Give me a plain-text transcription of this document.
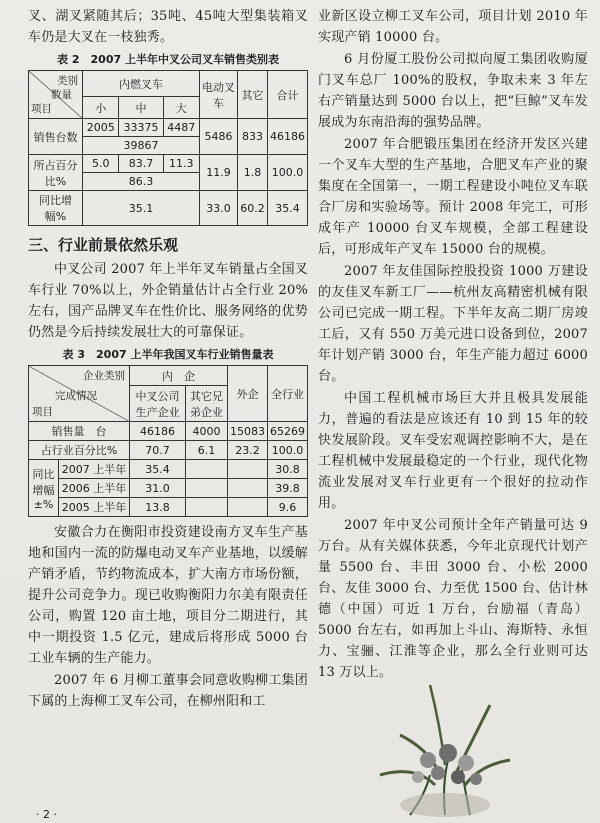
叉、湖叉紧随其后；35吨、45吨大型集装箱叉车仍是大叉在一枝独秀。

表 2　2007 上半年中叉公司叉车销售类别表
类别
数量
项目	内燃叉车			电动叉车	其它	合计
	小	中	大			
销售台数	2005	33375	4487	5486	833	46186
	39867					
所占百分比%	5.0	83.7	11.3	11.9	1.8	100.0
	86.3					
同比增幅%	35.1			33.0	60.2	35.4
三、行业前景依然乐观

中叉公司 2007 年上半年叉车销量占全国叉车行业 70%以上，外企销量估计占全行业 20%左右，国产品牌叉车在性价比、服务网络的优势仍然是今后持续发展壮大的可靠保证。

表 3　2007 上半年我国叉车行业销售量表
企业类别
完成情况
项目		内　企		外企	全行业
		中叉公司生产企业	其它兄弟企业		
销售量　台		46186	4000	15083	65269
占行业百分比%		70.7	6.1	23.2	100.0
同比增幅±%	2007 上半年	35.4			30.8
	2006 上半年	31.0			39.8
	2005 上半年	13.8			9.6

安徽合力在衡阳市投资建设南方叉车生产基地和国内一流的防爆电动叉车产业基地，以缓解产销矛盾，节约物流成本，扩大南方市场份额，提升公司竞争力。现已收购衡阳力尔美有限责任公司，购置 120 亩土地，项目分二期进行，其中一期投资 1.5 亿元，建成后将形成 5000 台工业车辆的生产能力。

2007 年 6 月柳工董事会同意收购柳工集团下属的上海柳工叉车公司，在柳州阳和工

业新区设立柳工叉车公司，项目计划 2010 年实现产销 10000 台。

6 月份厦工股份公司拟向厦工集团收购厦门叉车总厂 100%的股权，争取未来 3 年左右产销量达到 5000 台以上，把“巨鲸”叉车发展成为东南沿海的强势品牌。

2007 年合肥锻压集团在经济开发区兴建一个叉车大型的生产基地，合肥叉车产业的聚集度在全国第一，一期工程建设小吨位叉车联合厂房和实验场等。预计 2008 年完工，可形成年产 10000 台叉车规模，全部工程建设后，可形成年产叉车 15000 台的规模。

2007 年友佳国际控股投资 1000 万建设的友佳叉车新工厂——杭州友高精密机械有限公司已完成一期工程。下半年友高二期厂房竣工后，又有 550 万美元进口设备到位，2007 年计划产销 3000 台，年生产能力超过 6000 台。

中国工程机械市场巨大并且极具发展能力，普遍的看法是应该还有 10 到 15 年的较快发展阶段。叉车受宏观调控影响不大，是在工程机械中发展最稳定的一个行业，现代化物流业发展对叉车行业更有一个很好的拉动作用。

2007 年中叉公司预计全年产销量可达 9 万台。从有关媒体获悉，今年北京现代计划产量 5500 台、丰田 3000 台、小松 2000 台、友佳 3000 台、力至优 1500 台、估计林德（中国）可近 1 万台，台励福（青岛）5000 台左右，如再加上斗山、海斯特、永恒力、宝骊、江淮等企业，那么全行业则可达 13 万以上。

· 2 ·
